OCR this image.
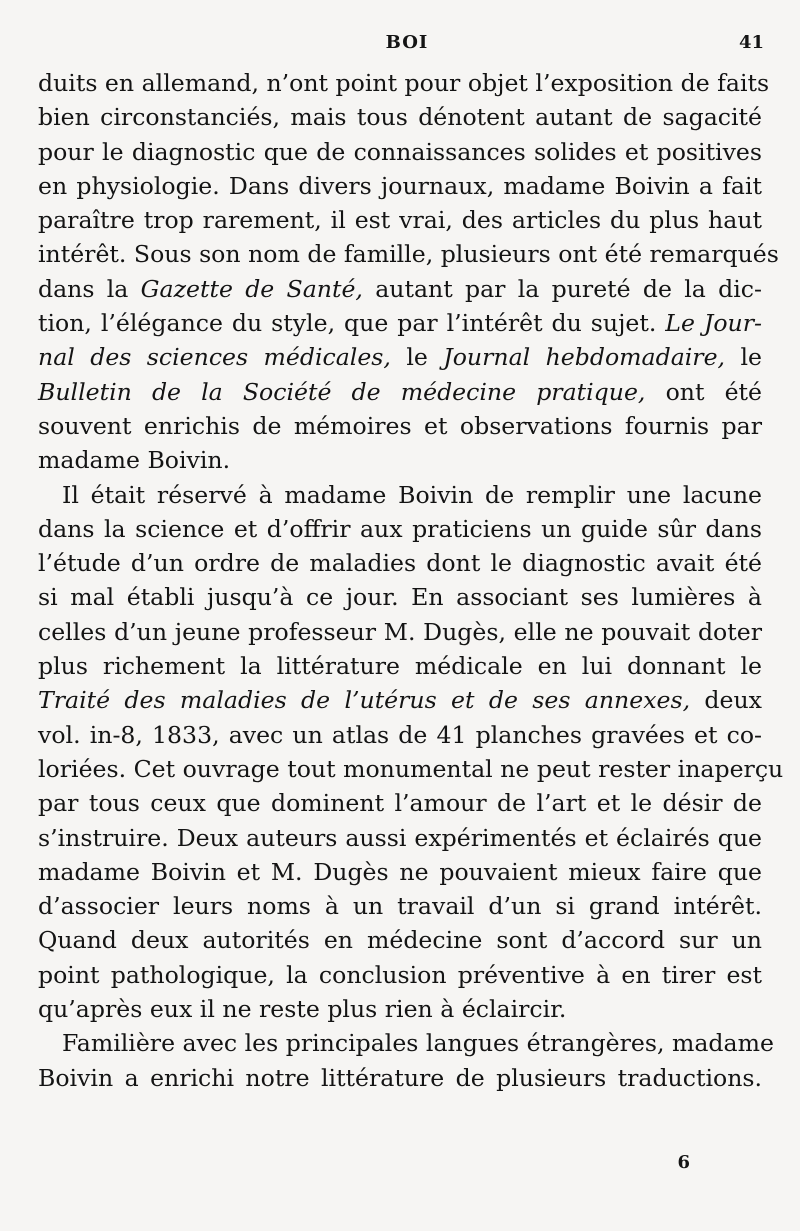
BOI	41
duits en allemand, n’ont point pour objet l’exposition de faits
bien circonstanciés, mais tous dénotent autant de sagacité
pour le diagnostic que de connaissances solides et positives
en physiologie. Dans divers journaux, madame Boivin a fait
paraître trop rarement, il est vrai, des articles du plus haut
intérêt. Sous son nom de famille, plusieurs ont été remarqués
dans la Gazette de Santé, autant par la pureté de la dic-
tion, l’élégance du style, que par l’intérêt du sujet. Le Jour-
nal des sciences médicales, le Journal hebdomadaire, le
Bulletin de la Société de médecine pratique, ont été
souvent enrichis de mémoires et observations fournis par
madame Boivin.
Il était réservé à madame Boivin de remplir une lacune
dans la science et d’offrir aux praticiens un guide sûr dans
l’étude d’un ordre de maladies dont le diagnostic avait été
si mal établi jusqu’à ce jour. En associant ses lumières à
celles d’un jeune professeur M. Dugès, elle ne pouvait doter
plus richement la littérature médicale en lui donnant le
Traité des maladies de l’utérus et de ses annexes, deux
vol. in-8, 1833, avec un atlas de 41 planches gravées et co-
loriées. Cet ouvrage tout monumental ne peut rester inaperçu
par tous ceux que dominent l’amour de l’art et le désir de
s’instruire. Deux auteurs aussi expérimentés et éclairés que
madame Boivin et M. Dugès ne pouvaient mieux faire que
d’associer leurs noms à un travail d’un si grand intérêt.
Quand deux autorités en médecine sont d’accord sur un
point pathologique, la conclusion préventive à en tirer est
qu’après eux il ne reste plus rien à éclaircir.
Familière avec les principales langues étrangères, madame
Boivin a enrichi notre littérature de plusieurs traductions.
6
